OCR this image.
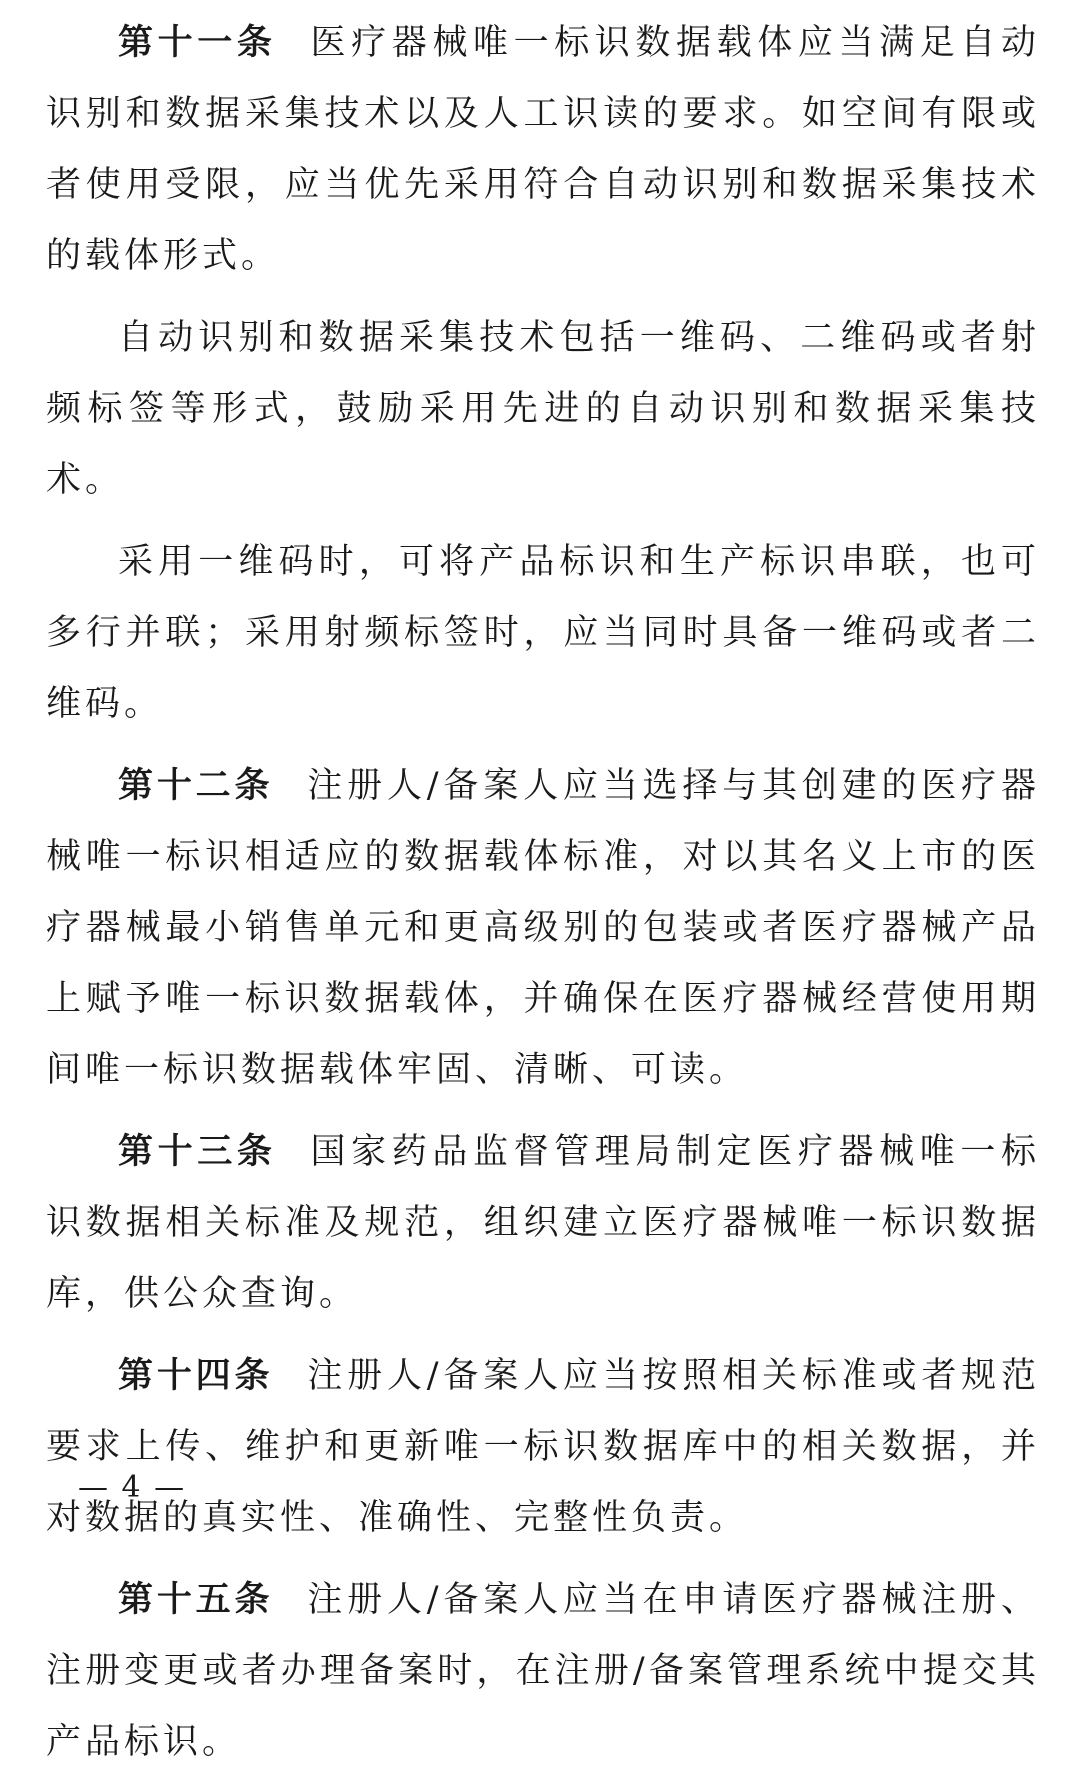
第十一条 医疗器械唯一标识数据载体应当满足自动识别和数据采集技术以及人工识读的要求。如空间有限或者使用受限，应当优先采用符合自动识别和数据采集技术的载体形式。

自动识别和数据采集技术包括一维码、二维码或者射频标签等形式，鼓励采用先进的自动识别和数据采集技术。

采用一维码时，可将产品标识和生产标识串联，也可多行并联；采用射频标签时，应当同时具备一维码或者二维码。

第十二条 注册人/备案人应当选择与其创建的医疗器械唯一标识相适应的数据载体标准，对以其名义上市的医疗器械最小销售单元和更高级别的包装或者医疗器械产品上赋予唯一标识数据载体，并确保在医疗器械经营使用期间唯一标识数据载体牢固、清晰、可读。

第十三条 国家药品监督管理局制定医疗器械唯一标识数据相关标准及规范，组织建立医疗器械唯一标识数据库，供公众查询。

第十四条 注册人/备案人应当按照相关标准或者规范要求上传、维护和更新唯一标识数据库中的相关数据，并对数据的真实性、准确性、完整性负责。

第十五条 注册人/备案人应当在申请医疗器械注册、注册变更或者办理备案时，在注册/备案管理系统中提交其产品标识。

— 4 —
